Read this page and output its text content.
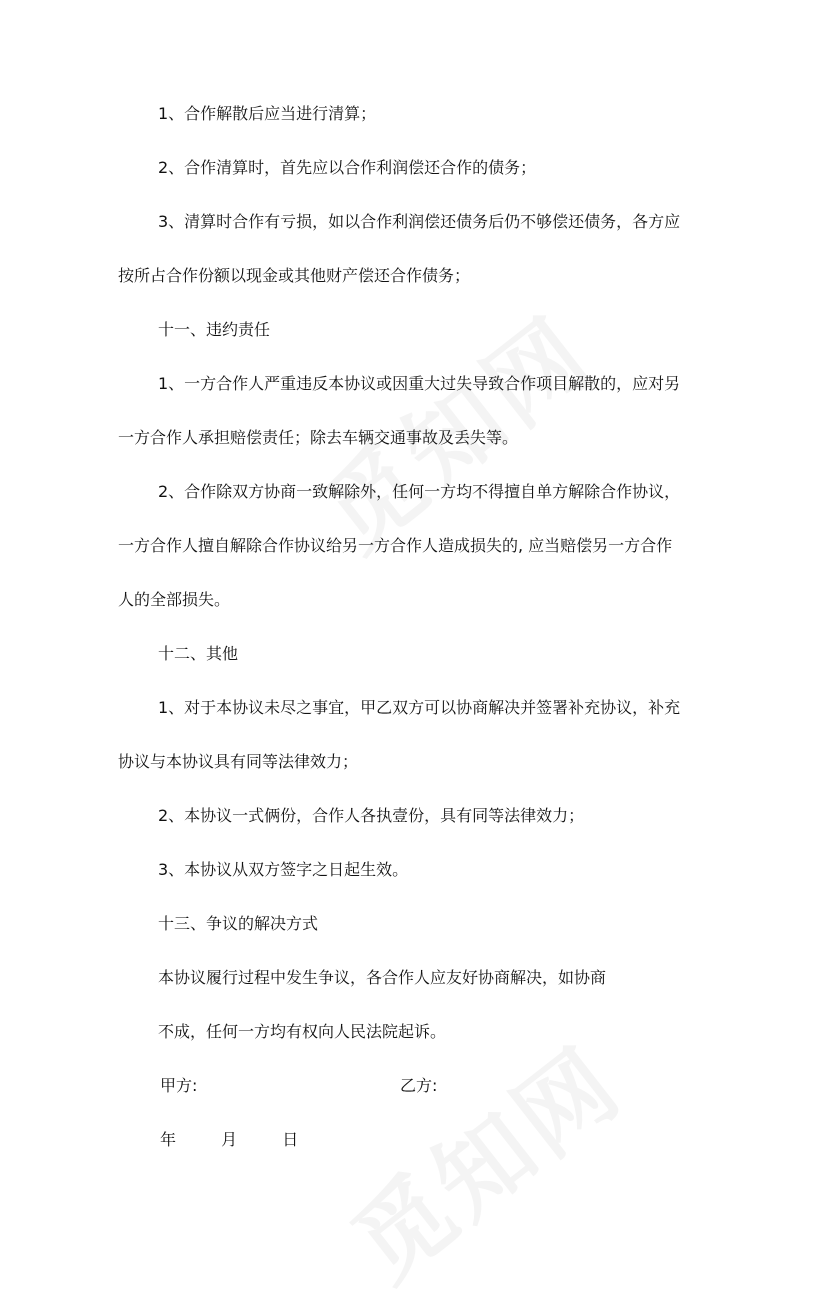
1、合作解散后应当进行清算；

2、合作清算时，首先应以合作利润偿还合作的债务；

3、清算时合作有亏损，如以合作利润偿还债务后仍不够偿还债务，各方应

按所占合作份额以现金或其他财产偿还合作债务；

十一、违约责任

1、一方合作人严重违反本协议或因重大过失导致合作项目解散的，应对另

一方合作人承担赔偿责任；除去车辆交通事故及丢失等。

2、合作除双方协商一致解除外，任何一方均不得擅自单方解除合作协议，

一方合作人擅自解除合作协议给另一方合作人造成损失的, 应当赔偿另一方合作

人的全部损失。

十二、其他

1、对于本协议未尽之事宜，甲乙双方可以协商解决并签署补充协议，补充

协议与本协议具有同等法律效力；

2、本协议一式俩份，合作人各执壹份，具有同等法律效力；

3、本协议从双方签字之日起生效。

十三、争议的解决方式

本协议履行过程中发生争议，各合作人应友好协商解决，如协商

不成，任何一方均有权向人民法院起诉。

甲方:	乙方:
年	月	日
